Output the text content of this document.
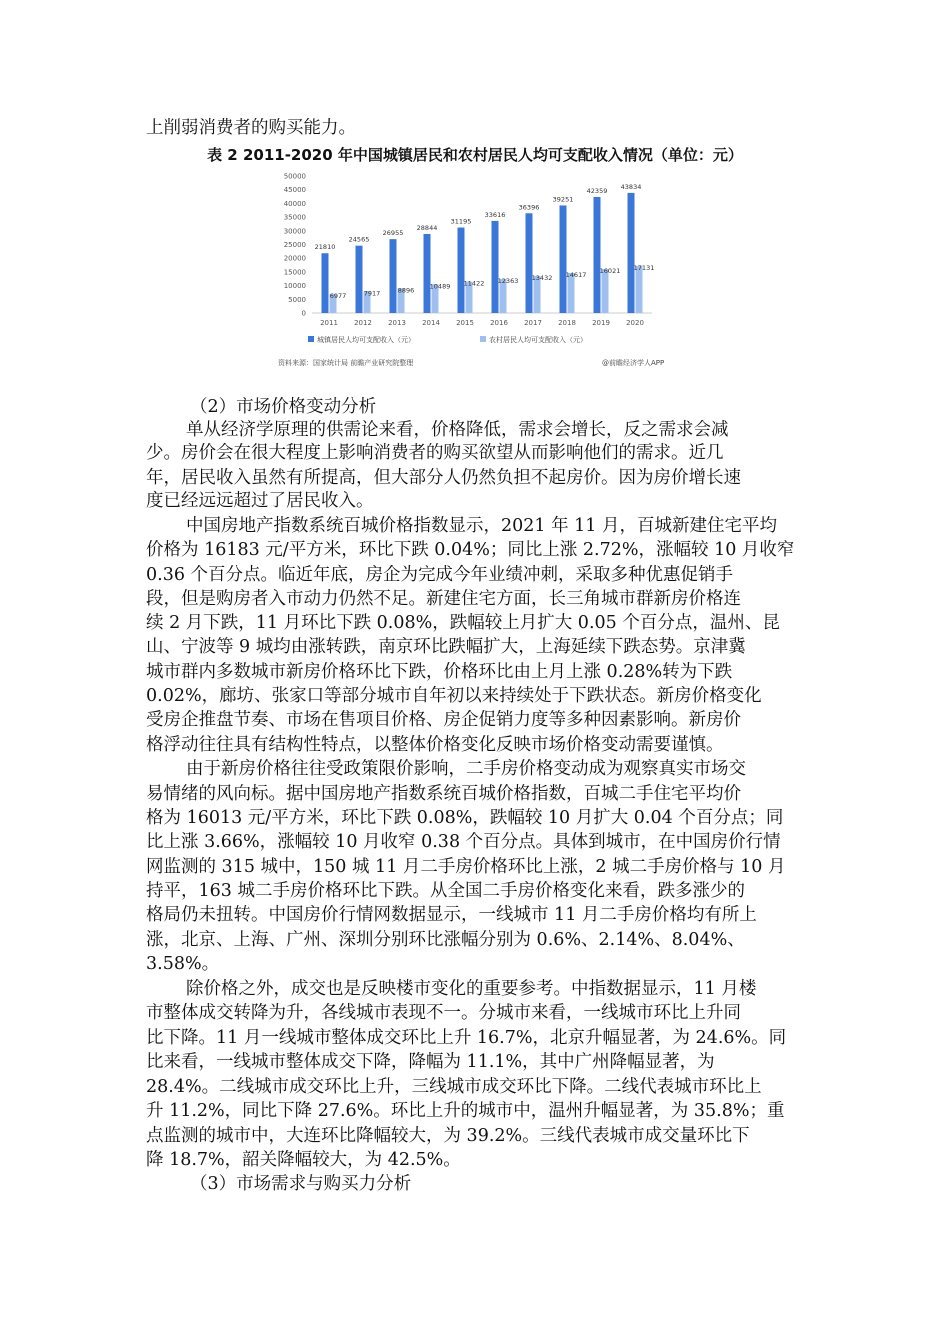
上削弱消费者的购买能力。
表 2 2011-2020 年中国城镇居民和农村居民人均可支配收入情况（单位：元）
0
5000
10000
15000
20000
25000
30000
35000
40000
45000
50000
21810
6977
2011
24565
7917
2012
26955
8896
2013
28844
10489
2014
31195
11422
2015
33616
12363
2016
36396
13432
2017
39251
14617
2018
42359
16021
2019
43834
17131
2020
城镇居民人均可支配收入（元）	农村居民人均可支配收入（元）
资料来源：国家统计局 前瞻产业研究院整理	@前瞻经济学人APP
（2）市场价格变动分析
单从经济学原理的供需论来看，价格降低，需求会增长，反之需求会减
少。房价会在很大程度上影响消费者的购买欲望从而影响他们的需求。近几
年，居民收入虽然有所提高，但大部分人仍然负担不起房价。因为房价增长速
度已经远远超过了居民收入。
中国房地产指数系统百城价格指数显示，2021 年 11 月，百城新建住宅平均
价格为 16183 元/平方米，环比下跌 0.04%；同比上涨 2.72%，涨幅较 10 月收窄
0.36 个百分点。临近年底，房企为完成今年业绩冲刺，采取多种优惠促销手
段，但是购房者入市动力仍然不足。新建住宅方面，长三角城市群新房价格连
续 2 月下跌，11 月环比下跌 0.08%，跌幅较上月扩大 0.05 个百分点，温州、昆
山、宁波等 9 城均由涨转跌，南京环比跌幅扩大，上海延续下跌态势。京津冀
城市群内多数城市新房价格环比下跌，价格环比由上月上涨 0.28%转为下跌
0.02%，廊坊、张家口等部分城市自年初以来持续处于下跌状态。新房价格变化
受房企推盘节奏、市场在售项目价格、房企促销力度等多种因素影响。新房价
格浮动往往具有结构性特点，以整体价格变化反映市场价格变动需要谨慎。
由于新房价格往往受政策限价影响，二手房价格变动成为观察真实市场交
易情绪的风向标。据中国房地产指数系统百城价格指数，百城二手住宅平均价
格为 16013 元/平方米，环比下跌 0.08%，跌幅较 10 月扩大 0.04 个百分点；同
比上涨 3.66%，涨幅较 10 月收窄 0.38 个百分点。具体到城市，在中国房价行情
网监测的 315 城中，150 城 11 月二手房价格环比上涨，2 城二手房价格与 10 月
持平，163 城二手房价格环比下跌。从全国二手房价格变化来看，跌多涨少的
格局仍未扭转。中国房价行情网数据显示，一线城市 11 月二手房价格均有所上
涨，北京、上海、广州、深圳分别环比涨幅分别为 0.6%、2.14%、8.04%、
3.58%。
除价格之外，成交也是反映楼市变化的重要参考。中指数据显示，11 月楼
市整体成交转降为升，各线城市表现不一。分城市来看，一线城市环比上升同
比下降。11 月一线城市整体成交环比上升 16.7%，北京升幅显著，为 24.6%。同
比来看，一线城市整体成交下降，降幅为 11.1%，其中广州降幅显著，为
28.4%。二线城市成交环比上升，三线城市成交环比下降。二线代表城市环比上
升 11.2%，同比下降 27.6%。环比上升的城市中，温州升幅显著，为 35.8%；重
点监测的城市中，大连环比降幅较大，为 39.2%。三线代表城市成交量环比下
降 18.7%，韶关降幅较大，为 42.5%。
（3）市场需求与购买力分析
